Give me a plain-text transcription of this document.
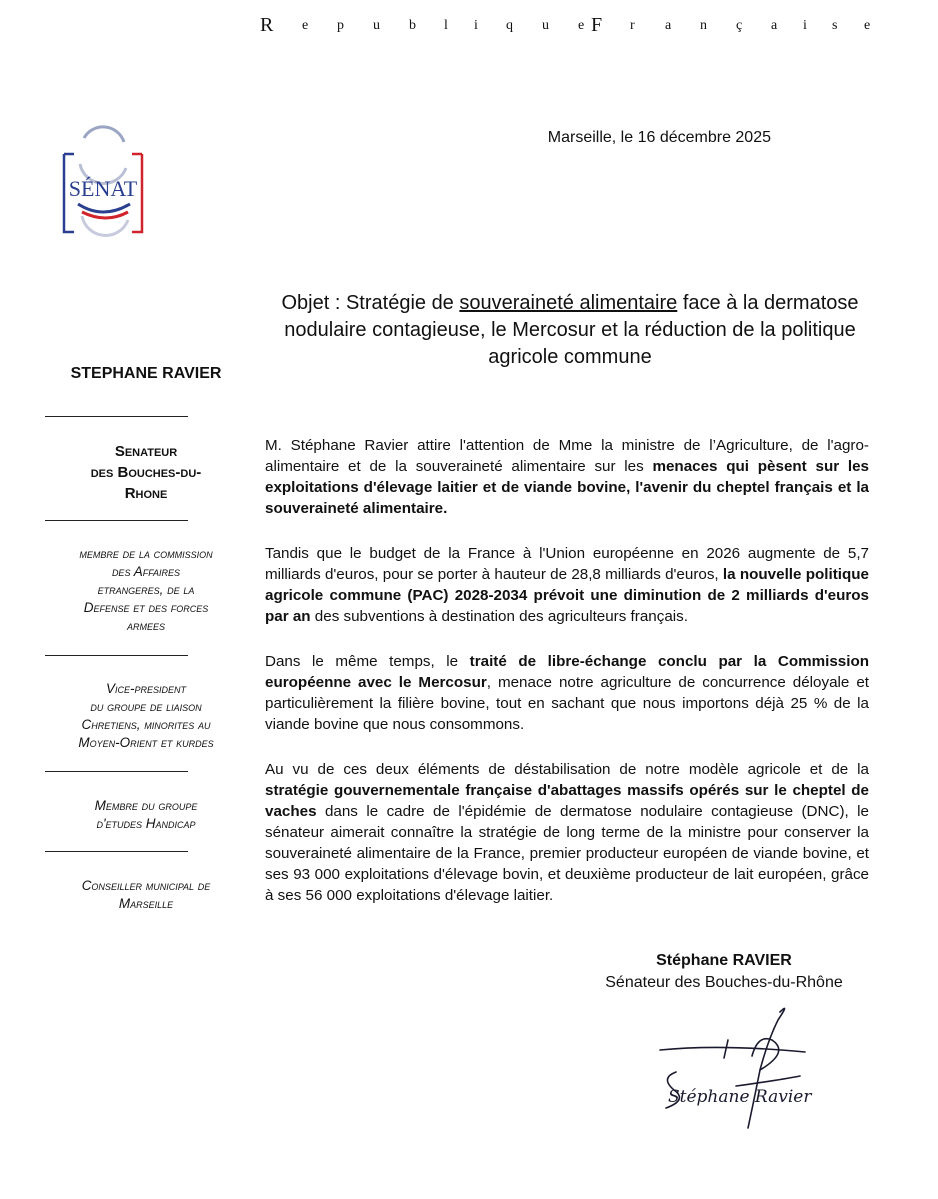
R e p u b l i q u e F r a n ç a i s e
SÉNAT
Marseille, le 16 décembre 2025
Objet : Stratégie de souveraineté alimentaire face à la dermatose nodulaire contagieuse, le Mercosur et la réduction de la politique agricole commune
STEPHANE RAVIER
Senateur
des Bouches-du-
Rhone
membre de la commission
des Affaires
etrangeres, de la
Defense et des forces
armees
Vice-president
du groupe de liaison
Chretiens, minorites au
Moyen-Orient et kurdes
Membre du groupe
d'etudes Handicap
Conseiller municipal de
Marseille

M. Stéphane Ravier attire l'attention de Mme la ministre de l’Agriculture, de l'agro-alimentaire et de la souveraineté alimentaire sur les menaces qui pèsent sur les exploitations d'élevage laitier et de viande bovine, l'avenir du cheptel français et la souveraineté alimentaire.

Tandis que le budget de la France à l'Union européenne en 2026 augmente de 5,7 milliards d'euros, pour se porter à hauteur de 28,8 milliards d'euros, la nouvelle politique agricole commune (PAC) 2028-2034 prévoit une diminution de 2 milliards d'euros par an des subventions à destination des agriculteurs français.

Dans le même temps, le traité de libre-échange conclu par la Commission européenne avec le Mercosur, menace notre agriculture de concurrence déloyale et particulièrement la filière bovine, tout en sachant que nous importons déjà 25 % de la viande bovine que nous consommons.

Au vu de ces deux éléments de déstabilisation de notre modèle agricole et de la stratégie gouvernementale française d'abattages massifs opérés sur le cheptel de vaches dans le cadre de l'épidémie de dermatose nodulaire contagieuse (DNC), le sénateur aimerait connaître la stratégie de long terme de la ministre pour conserver la souveraineté alimentaire de la France, premier producteur européen de viande bovine, et ses 93 000 exploitations d'élevage bovin, et deuxième producteur de lait européen, grâce à ses 56 000 exploitations d'élevage laitier.

Stéphane RAVIER
Sénateur des Bouches-du-Rhône
Stéphane Ravier
